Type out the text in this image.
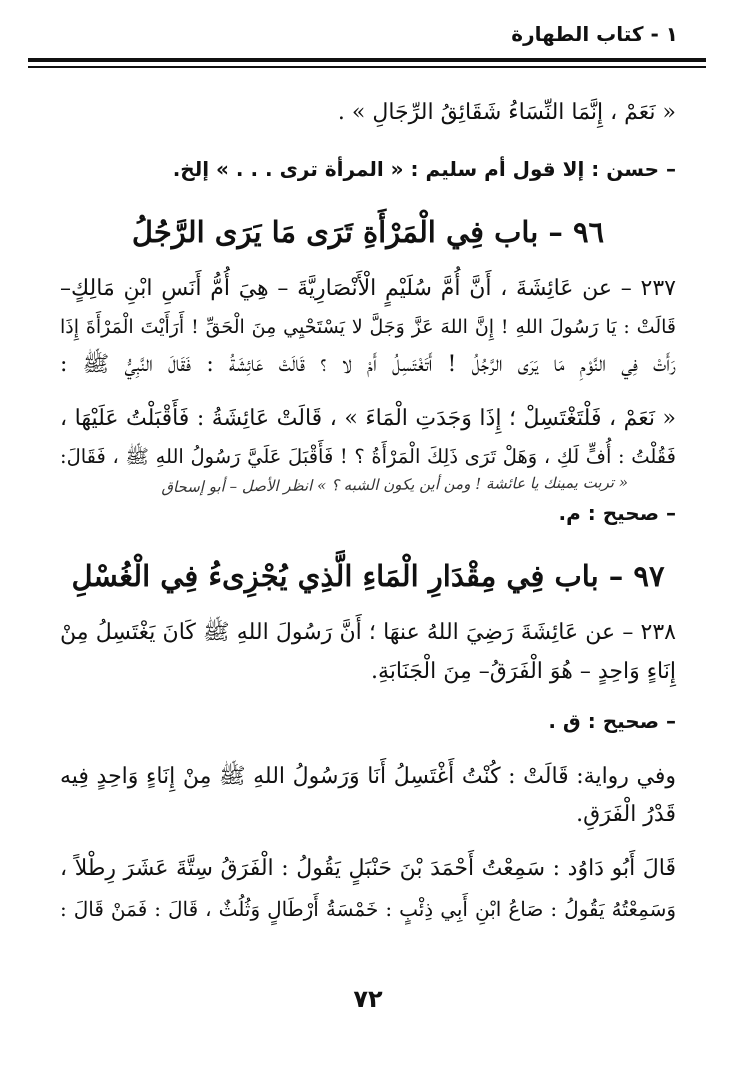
١ - كتاب الطهارة
« نَعَمْ ، إِنَّمَا النِّسَاءُ شَقَائِقُ الرِّجَالِ » .
– حسن : إلا قول أم سليم : « المرأة ترى . . . » إلخ.
٩٦ – باب فِي الْمَرْأَةِ تَرَى مَا يَرَى الرَّجُلُ
٢٣٧ – عن عَائِشَةَ ، أَنَّ أُمَّ سُلَيْمٍ الْأَنْصَارِيَّةَ – هِيَ أُمُّ أَنَسِ ابْنِ مَالِكٍ–
قَالَتْ : يَا رَسُولَ اللهِ ! إِنَّ اللهَ عَزَّ وَجَلَّ لا يَسْتَحْيِي مِنَ الْحَقِّ ! أَرَأَيْتَ الْمَرْأَةَ إِذَا
رَأَتْ فِي النَّوْمِ مَا يَرَى الرَّجُلُ ! أَتَغْتَسِلُ أَمْ لا ؟ قَالَتْ عَائِشَةُ : فَقَالَ النَّبِيُّ ﷺ :
« نَعَمْ ، فَلْتَغْتَسِلْ ؛ إِذَا وَجَدَتِ الْمَاءَ » ، قَالَتْ عَائِشَةُ : فَأَقْبَلْتُ عَلَيْهَا ،
فَقُلْتُ : أُفٍّ لَكِ ، وَهَلْ تَرَى ذَلِكَ الْمَرْأَةُ ؟ ! فَأَقْبَلَ عَلَيَّ رَسُولُ اللهِ ﷺ ، فَقَالَ:
« تربت يمينك يا عائشة ! ومن أين يكون الشبه ؟ » انظر الأصل – أبو إسحاق
– صحيح : م.
٩٧ – باب فِي مِقْدَارِ الْمَاءِ الَّذِي يُجْزِىءُ فِي الْغُسْلِ
٢٣٨ – عن عَائِشَةَ رَضِيَ اللهُ عنهَا ؛ أَنَّ رَسُولَ اللهِ ﷺ كَانَ يَغْتَسِلُ مِنْ
إِنَاءٍ وَاحِدٍ – هُوَ الْفَرَقُ– مِنَ الْجَنَابَةِ.
– صحيح : ق .
وفي رواية: قَالَتْ : كُنْتُ أَغْتَسِلُ أَنَا وَرَسُولُ اللهِ ﷺ مِنْ إِنَاءٍ وَاحِدٍ فِيه
قَدْرُ الْفَرَقِ.
قَالَ أَبُو دَاوُد : سَمِعْتُ أَحْمَدَ بْنَ حَنْبَلٍ يَقُولُ : الْفَرَقُ سِتَّةَ عَشَرَ رِطْلاً ،
وَسَمِعْتُهُ يَقُولُ : صَاعُ ابْنِ أَبِي ذِئْبٍ : خَمْسَةُ أَرْطَالٍ وَثُلُثٌ ، قَالَ : فَمَنْ قَالَ :
٧٢
